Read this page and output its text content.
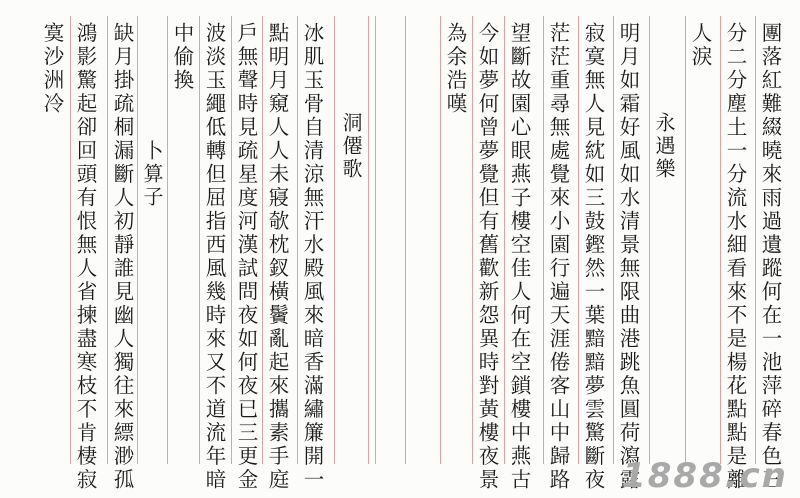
團落紅難綴曉來雨過遺蹤何在一池萍碎春色三
分二分塵土一分流水細看來不是楊花點點是離
人淚
永遇樂
明月如霜好風如水清景無限曲港跳魚圓荷瀉露
寂寞無人見紞如三鼓鏗然一葉黯黯夢雲驚斷夜
茫茫重尋無處覺來小園行遍天涯倦客山中歸路
望斷故園心眼燕子樓空佳人何在空鎖樓中燕古
今如夢何曾夢覺但有舊歡新怨異時對黃樓夜景
為余浩嘆
洞僊歌
冰肌玉骨自清涼無汗水殿風來暗香滿繡簾開一
點明月窺人人未寢欹枕釵橫鬢亂起來攜素手庭
戶無聲時見疏星度河漢試問夜如何夜已三更金
波淡玉繩低轉但屈指西風幾時來又不道流年暗
中偷換
卜算子
缺月掛疏桐漏斷人初靜誰見幽人獨往來縹渺孤
鴻影驚起卻回頭有恨無人省揀盡寒枝不肯棲寂
寞沙洲冷
1888.cn
